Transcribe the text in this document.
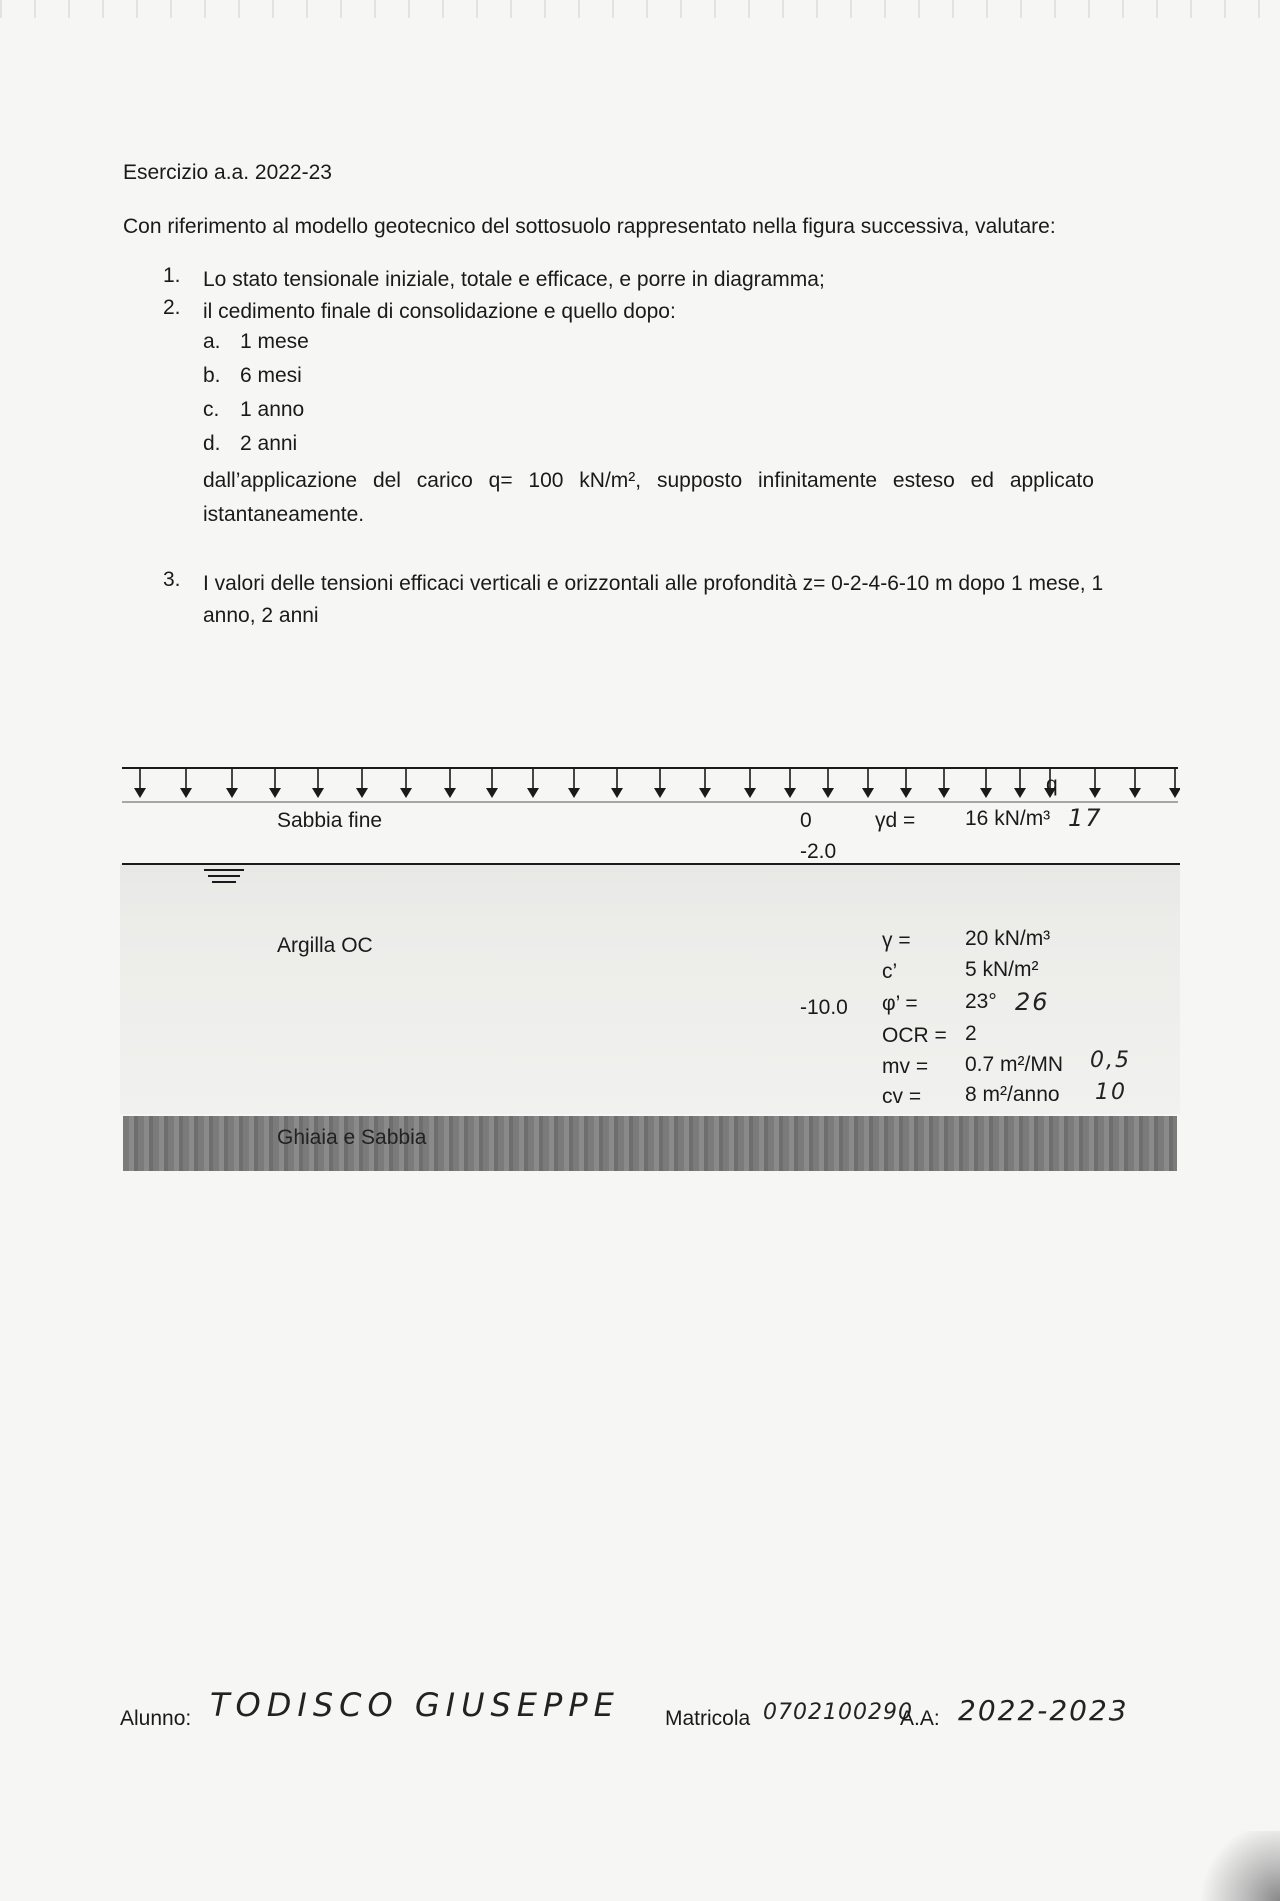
Esercizio a.a. 2022-23
Con riferimento al modello geotecnico del sottosuolo rappresentato nella figura successiva, valutare:
1. Lo stato tensionale iniziale, totale e efficace, e porre in diagramma;
2. il cedimento finale di consolidazione e quello dopo:
a. 1 mese
b. 6 mesi
c. 1 anno
d. 2 anni
dall’applicazione del carico q= 100 kN/m², supposto infinitamente esteso ed applicato
istantaneamente.
3. I valori delle tensioni efficaci verticali e orizzontali alle profondità z= 0-2-4-6-10 m dopo 1 mese, 1
anno, 2 anni
q
Sabbia fine	0
-2.0
γd = 16 kN/m³ 17
Argilla OC
-10.0
γ =	20 kN/m³
c’	5 kN/m²
φ’ = 23° 26
OCR = 2
mv = 0.7 m²/MN 0,5
cv = 8 m²/anno 10
Ghiaia e Sabbia
Alunno: TODISCO GIUSEPPE Matricola 0702100290
A.A: 2022-2023
